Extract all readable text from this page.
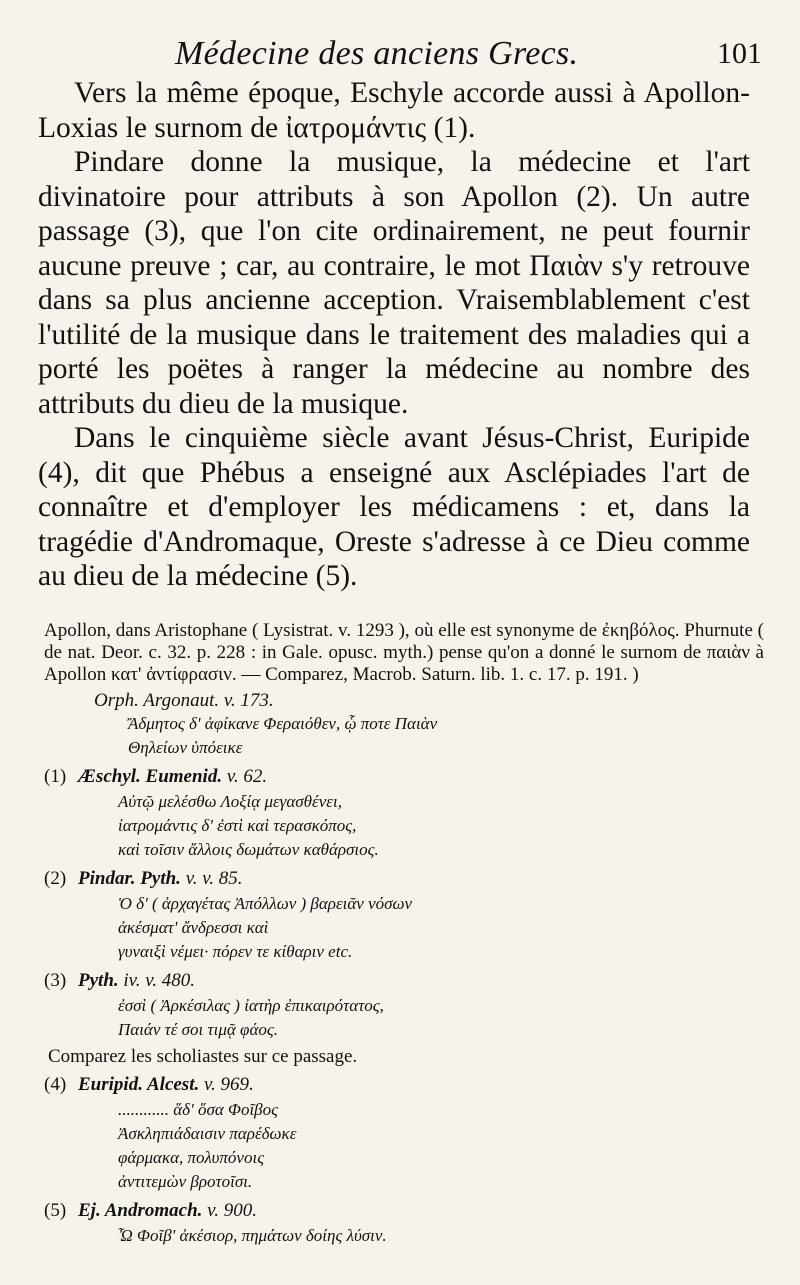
Médecine des anciens Grecs.	101

Vers la même époque, Eschyle accorde aussi à Apollon-Loxias le surnom de ἰατρομάντις (1).

Pindare donne la musique, la médecine et l'art divinatoire pour attributs à son Apollon (2). Un autre passage (3), que l'on cite ordinairement, ne peut fournir aucune preuve ; car, au contraire, le mot Παιὰν s'y retrouve dans sa plus ancienne acception. Vraisemblablement c'est l'utilité de la musique dans le traitement des maladies qui a porté les poëtes à ranger la médecine au nombre des attributs du dieu de la musique.

Dans le cinquième siècle avant Jésus-Christ, Euripide (4), dit que Phébus a enseigné aux Asclépiades l'art de connaître et d'employer les médicamens : et, dans la tragédie d'Andromaque, Oreste s'adresse à ce Dieu comme au dieu de la médecine (5).

Apollon, dans Aristophane ( Lysistrat. v. 1293 ), où elle est synonyme de ἐκηβόλος. Phurnute ( de nat. Deor. c. 32. p. 228 : in Gale. opusc. myth.) pense qu'on a donné le surnom de παιὰν à Apollon κατ' ἀντίφρασιν. — Comparez, Macrob. Saturn. lib. 1. c. 17. p. 191. )

Orph. Argonaut. v. 173.

Ἄδμητος δ' ἀφίκανε Φεραιόθεν, ᾧ ποτε Παιὰν

Θηλείων ὑπόεικε

(1) Æschyl. Eumenid. v. 62.

Αὐτῷ μελέσθω Λοξίᾳ μεγασθένει,

ἰατρομάντις δ' ἐστὶ καὶ τερασκόπος,

καὶ τοῖσιν ἄλλοις δωμάτων καθάρσιος.

(2) Pindar. Pyth. v. v. 85.

Ὁ δ' ( ἀρχαγέτας Ἀπόλλων ) βαρειᾶν νόσων

ἀκέσματ' ἄνδρεσσι καὶ

γυναιξὶ νέμει· πόρεν τε κίθαριν etc.

(3) Pyth. iv. v. 480.

ἐσσὶ ( Ἀρκέσιλας ) ἰατὴρ ἐπικαιρότατος,

Παιάν τέ σοι τιμᾷ φάος.

Comparez les scholiastes sur ce passage.

(4) Euripid. Alcest. v. 969.

............ ἅδ' ὅσα Φοῖβος

Ἀσκληπιάδαισιν παρέδωκε

φάρμακα, πολυπόνοις

ἀντιτεμὼν βροτοῖσι.

(5) Ej. Andromach. v. 900.

Ὦ Φοῖβ' ἀκέσιορ, πημάτων δοίης λύσιν.
